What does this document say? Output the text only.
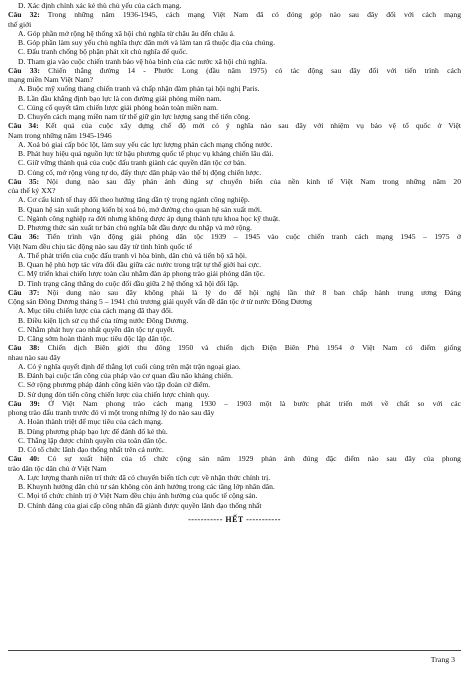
D. Xác định chính xác kẻ thù chủ yếu của cách mạng.
Câu 32: Trong những năm 1936-1945, cách mạng Việt Nam đã có đóng góp nào sau đây đối với cách mạng
thế giới
A. Góp phần mở rộng hệ thống xã hội chủ nghĩa từ châu âu đến châu á.
B. Góp phần làm suy yếu chủ nghĩa thực dân mới và làm tan rã thuộc địa của chúng.
C. Đấu tranh chống bộ phận phát xít chủ nghĩa đế quốc.
D. Tham gia vào cuộc chiến tranh bảo vệ hòa bình của các nước xã hội chủ nghĩa.
Câu 33: Chiến thắng đường 14 - Phước Long (đầu năm 1975) có tác động sau đây đối với tiến trình cách
mạng miền Nam Việt Nam?
A. Buộc mỹ xuống thang chiến tranh và chấp nhận đàm phán tại hội nghị Paris.
B. Lần đầu khẳng định bạo lực là con đường giải phóng miền nam.
C. Củng cố quyết tâm chiến lược giải phóng hoàn toàn miền nam.
D. Chuyển cách mạng miền nam từ thế giữ gìn lực lượng sang thế tiến công.
Câu 34: Kết quả của cuộc xây dựng chế độ mới có ý nghĩa nào sau đây với nhiệm vụ bảo vệ tổ quốc ở Việt
Nam trong những năm 1945-1946
A. Xoá bỏ giai cấp bóc lột, làm suy yếu các lực lượng phản cách mạng chống nước.
B. Phát huy hiệu quả nguồn lực từ hậu phương quốc tế phục vụ kháng chiến lâu dài.
C. Giữ vững thành quả của cuộc đấu tranh giành các quyền dân tộc cơ bản.
D. Củng cố, mở rộng vùng tự do, đẩy thực dân pháp vào thế bị động chiến lược.
Câu 35: Nội dung nào sau đây phản ánh đúng sự chuyển biến của nền kinh tế Việt Nam trong những năm 20
của thế kỷ XX?
A. Cơ cấu kinh tế thay đổi theo hướng tăng dần tỷ trọng ngành công nghiệp.
B. Quan hệ sản xuất phong kiến bị xoá bỏ, mở đường cho quan hệ sản xuất mới.
C. Ngành công nghiệp ra đời nhưng không được áp dụng thành tựu khoa học kỹ thuật.
D. Phương thức sản xuất tư bản chủ nghĩa bắt đầu được du nhập và mở rộng.
Câu 36: Tiến trình vận động giải phóng dân tộc 1939 – 1945 vào cuộc chiến tranh cách mạng 1945 – 1975 ở
Việt Nam đều chịu tác động nào sau đây từ tình hình quốc tế
A. Thế phát triển của cuộc đấu tranh vì hòa bình, dân chủ và tiến bộ xã hội.
B. Quan hệ phù hợp tác vừa đối đầu giữa các nước trong trật tự thế giới hai cực.
C. Mỹ triển khai chiến lược toàn cầu nhằm đàn áp phong trào giải phóng dân tộc.
D. Tình trạng căng thẳng do cuộc đối đầu giữa 2 hệ thống xã hội đối lập.
Câu 37: Nội dung nào sau đây không phải là lý do để hội nghị lần thứ 8 ban chấp hành trung ương Đảng
Cộng sản Đông Dương tháng 5 – 1941 chủ trương giải quyết vấn đề dân tộc ở từ nước Đông Dương
A. Mục tiêu chiến lược của cách mạng đã thay đổi.
B. Điều kiện lịch sử cụ thể của từng nước Đông Dương.
C. Nhằm phát huy cao nhất quyền dân tộc tự quyết.
D. Căng sớm hoàn thành mục tiêu độc lập dân tộc.
Câu 38: Chiến dịch Biên giới thu đông 1950 và chiến dịch Điện Biên Phủ 1954 ở Việt Nam có điểm giống
nhau nào sau đây
A. Có ý nghĩa quyết định để thắng lợi cuối cùng trên mặt trận ngoại giao.
B. Đánh bại cuộc tấn công của pháp vào cơ quan đầu não kháng chiến.
C. Sở rộng phương pháp đánh công kiên vào tập đoàn cứ điểm.
D. Sử dụng đòn tiến công chiến lược của chiến lược chính quy.
Câu 39: Ở Việt Nam phong trào cách mạng 1930 – 1903 một là bước phát triển mới về chất so với các
phong trào đấu tranh trước đó vì một trong những lý do nào sau đây
A. Hoàn thành triệt để mục tiêu của cách mạng.
B. Dùng phương pháp bạo lực để đánh đổ kẻ thù.
C. Thắng lập được chính quyền của toàn dân tộc.
D. Có tổ chức lãnh đạo thống nhất trên cả nước.
Câu 40: Có sự xuất hiện của tổ chức cộng sản năm 1929 phản ánh đúng đặc điểm nào sau đây của phong
trào dân tộc dân chủ ở Việt Nam
A. Lực lượng thanh niên trí thức đã có chuyển biến tích cực về nhận thức chính trị.
B. Khuynh hướng dân chủ tư sản không còn ảnh hưởng trong các tầng lớp nhân dân.
C. Mọi tổ chức chính trị ở Việt Nam đều chịu ảnh hưởng của quốc tế cộng sản.
D. Chính đảng của giai cấp công nhân đã giành được quyền lãnh đạo thống nhất
----------- HẾT -----------
Trang 3
